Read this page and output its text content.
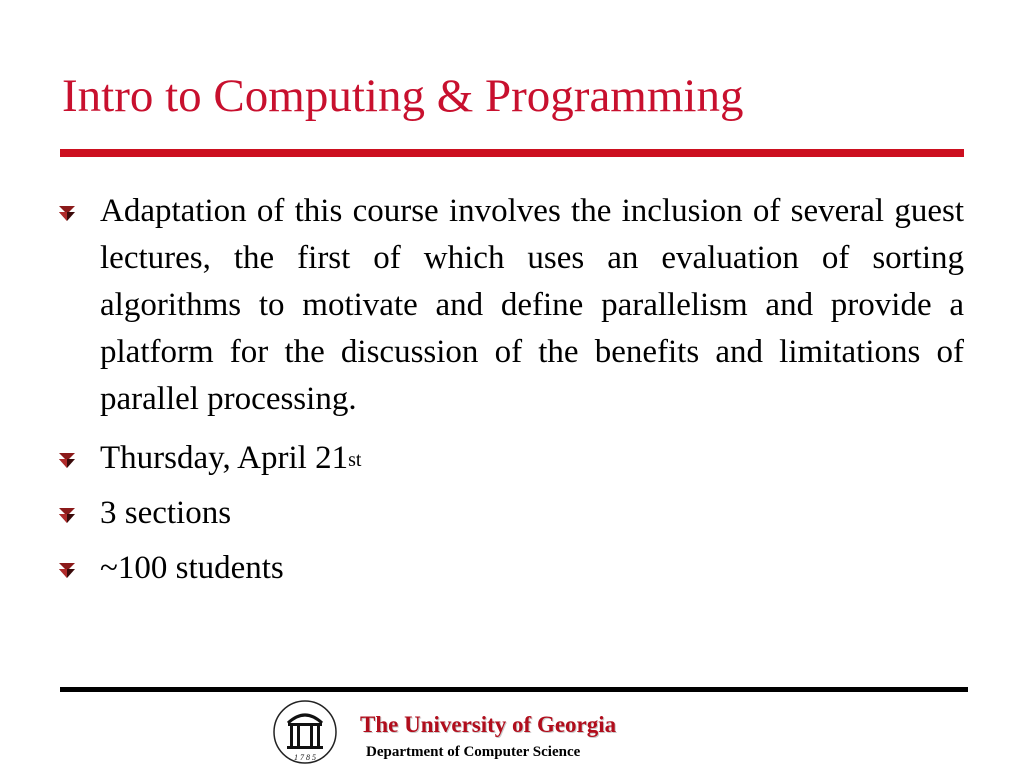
Intro to Computing & Programming
Adaptation of this course involves the inclusion of several guest lectures, the first of which uses an evaluation of sorting algorithms to motivate and define parallelism and provide a platform for the discussion of the benefits and limitations of parallel processing.
Thursday, April 21st
3 sections
~100 students
1 7 8 5
The University of Georgia
Department of Computer Science
